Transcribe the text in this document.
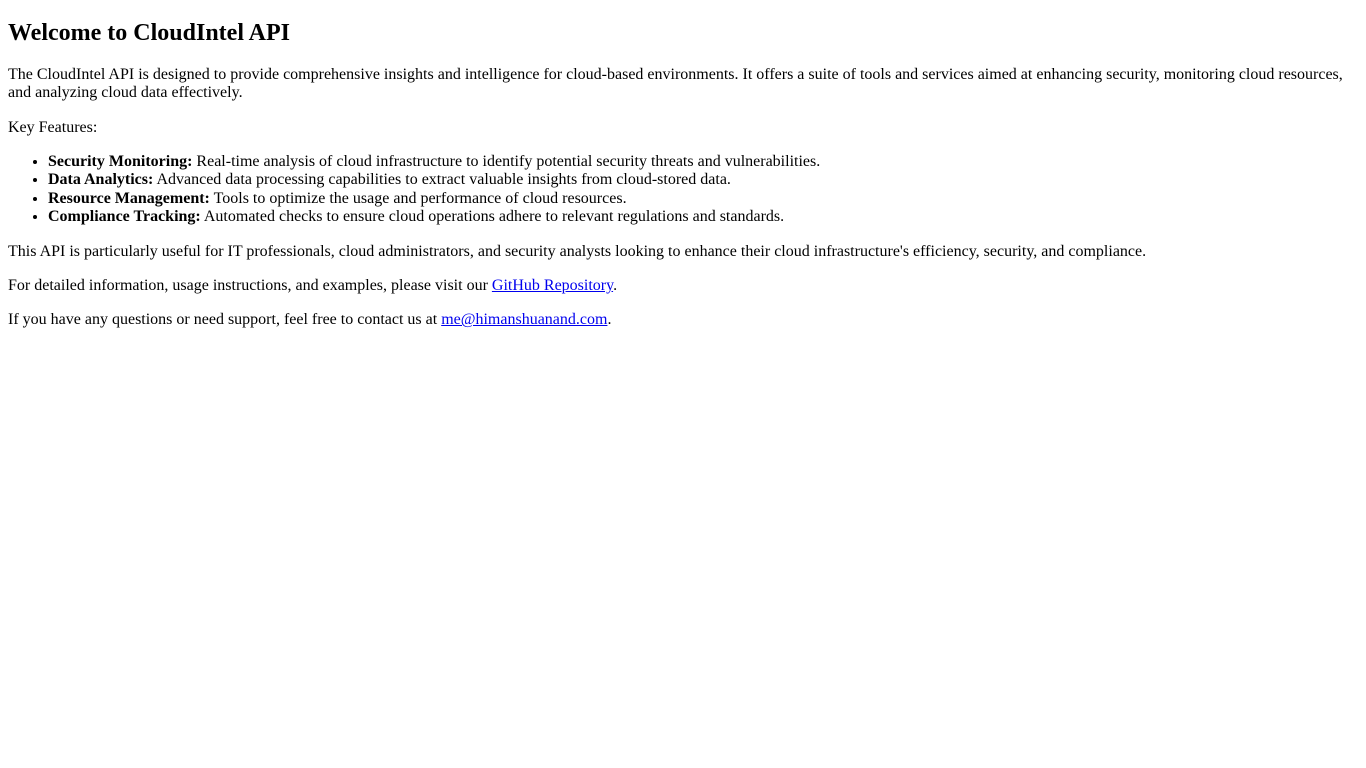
Welcome to CloudIntel API

The CloudIntel API is designed to provide comprehensive insights and intelligence for cloud-based environments. It offers a suite of tools and services aimed at enhancing security, monitoring cloud resources, and analyzing cloud data effectively.

Key Features:

• Security Monitoring: Real-time analysis of cloud infrastructure to identify potential security threats and vulnerabilities.
• Data Analytics: Advanced data processing capabilities to extract valuable insights from cloud-stored data.
• Resource Management: Tools to optimize the usage and performance of cloud resources.
• Compliance Tracking: Automated checks to ensure cloud operations adhere to relevant regulations and standards.

This API is particularly useful for IT professionals, cloud administrators, and security analysts looking to enhance their cloud infrastructure's efficiency, security, and compliance.

For detailed information, usage instructions, and examples, please visit our GitHub Repository.

If you have any questions or need support, feel free to contact us at me@himanshuanand.com.
